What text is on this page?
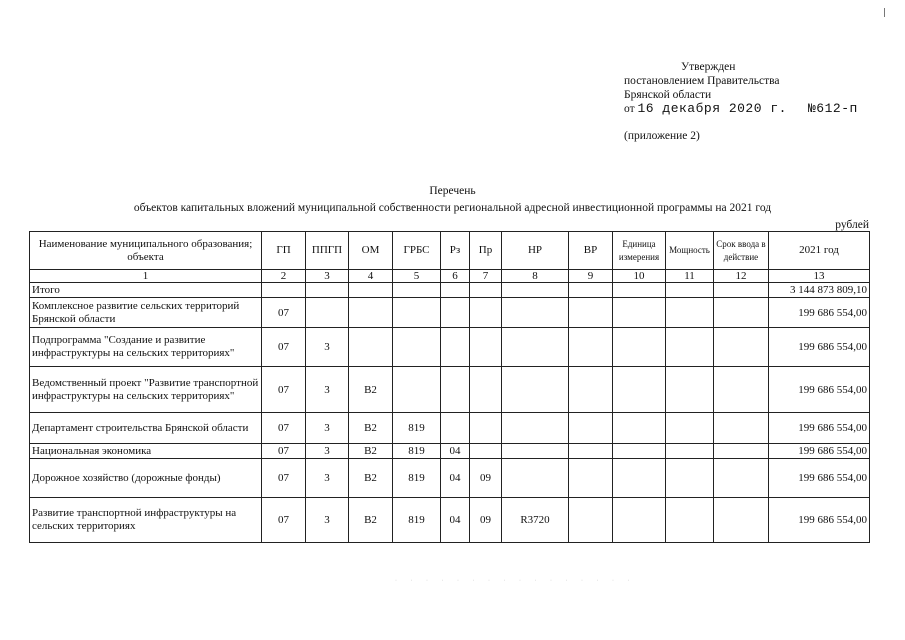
Утвержден
постановлением Правительства
Брянской области
от 16 декабря 2020 г. №612-п
(приложение 2)
Перечень
объектов капитальных вложений муниципальной собственности региональной адресной инвестиционной программы на 2021 год
рублей
Наименование муниципального образования; объекта	ГП	ППГП	ОМ	ГРБС	Рз	Пр	НР	ВР	Единица измерения	Мощность	Срок ввода в действие	2021 год
1	2	3	4	5	6	7	8	9	10	11	12	13
Итого												3 144 873 809,10
Комплексное развитие сельских территорий Брянской области	07											199 686 554,00
Подпрограмма "Создание и развитие инфраструктуры на сельских территориях"	07	3										199 686 554,00
Ведомственный проект "Развитие транспортной инфраструктуры на сельских территориях"	07	3	В2									199 686 554,00
Департамент строительства Брянской области	07	3	В2	819								199 686 554,00
Национальная экономика	07	3	В2	819	04							199 686 554,00
Дорожное хозяйство (дорожные фонды)	07	3	В2	819	04	09						199 686 554,00
Развитие транспортной инфраструктуры на сельских территориях	07	3	В2	819	04	09	R3720					199 686 554,00
· · · · · · · · · · · · · · · ·
